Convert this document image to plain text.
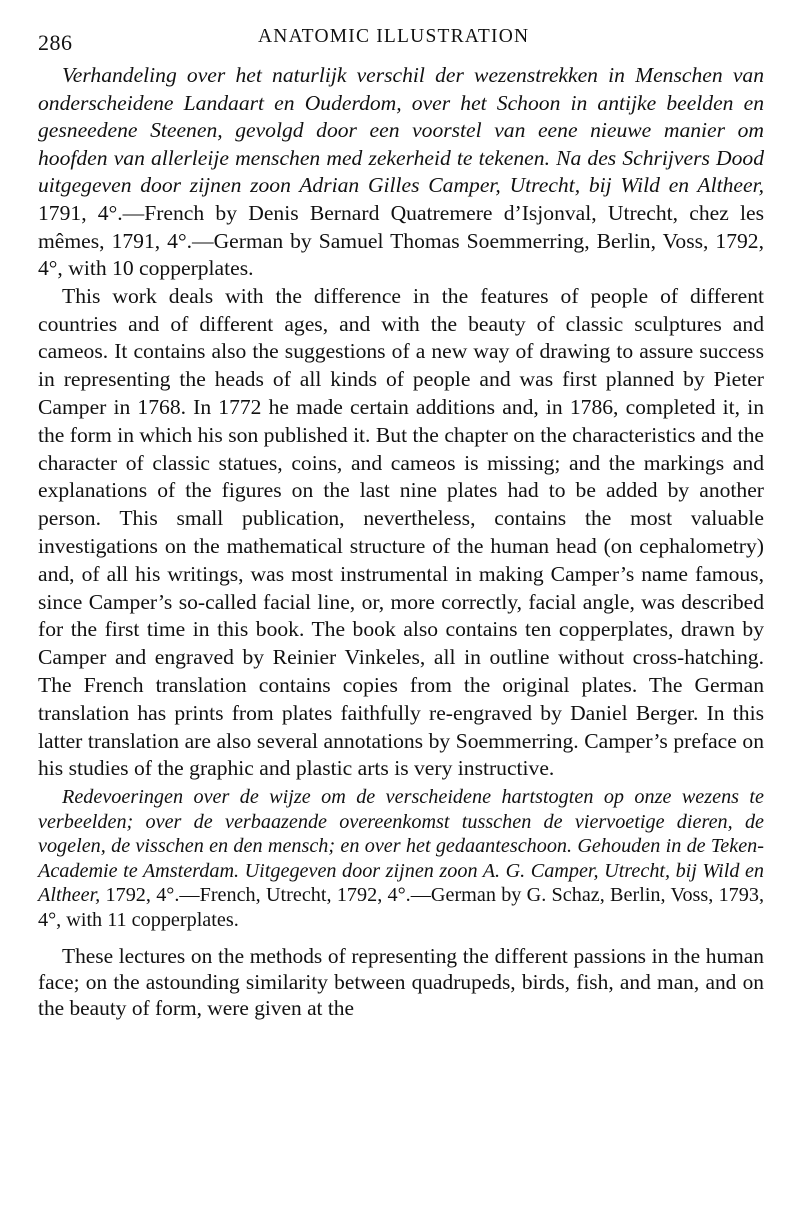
286	ANATOMIC ILLUSTRATION

Verhandeling over het naturlijk verschil der wezenstrekken in Menschen van onderscheidene Landaart en Ouderdom, over het Schoon in antijke beelden en gesneedene Steenen, gevolgd door een voorstel van eene nieuwe manier om hoofden van allerleije menschen med zekerheid te tekenen. Na des Schrijvers Dood uitgegeven door zijnen zoon Adrian Gilles Camper, Utrecht, bij Wild en Altheer, 1791, 4°.—French by Denis Bernard Quatremere d’Isjonval, Utrecht, chez les mêmes, 1791, 4°.—German by Samuel Thomas Soemmerring, Berlin, Voss, 1792, 4°, with 10 copperplates.

This work deals with the difference in the features of people of different countries and of different ages, and with the beauty of classic sculptures and cameos. It contains also the suggestions of a new way of drawing to assure success in representing the heads of all kinds of people and was first planned by Pieter Camper in 1768. In 1772 he made certain additions and, in 1786, completed it, in the form in which his son published it. But the chapter on the characteristics and the character of classic statues, coins, and cameos is missing; and the markings and explanations of the figures on the last nine plates had to be added by another person. This small publication, nevertheless, contains the most valuable investigations on the mathematical structure of the human head (on cephalometry) and, of all his writings, was most instrumental in making Camper’s name famous, since Camper’s so-called facial line, or, more correctly, facial angle, was described for the first time in this book. The book also contains ten copperplates, drawn by Camper and engraved by Reinier Vinkeles, all in outline without cross-hatching. The French translation contains copies from the original plates. The German translation has prints from plates faithfully re-engraved by Daniel Berger. In this latter translation are also several annotations by Soemmerring. Camper’s preface on his studies of the graphic and plastic arts is very instructive.

Redevoeringen over de wijze om de verscheidene hartstogten op onze wezens te verbeelden; over de verbaazende overeenkomst tusschen de viervoetige dieren, de vogelen, de visschen en den mensch; en over het gedaanteschoon. Gehouden in de Teken-Academie te Amsterdam. Uitgegeven door zijnen zoon A. G. Camper, Utrecht, bij Wild en Altheer, 1792, 4°.—French, Utrecht, 1792, 4°.—German by G. Schaz, Berlin, Voss, 1793, 4°, with 11 copperplates.

These lectures on the methods of representing the different passions in the human face; on the astounding similarity between quadrupeds, birds, fish, and man, and on the beauty of form, were given at the
